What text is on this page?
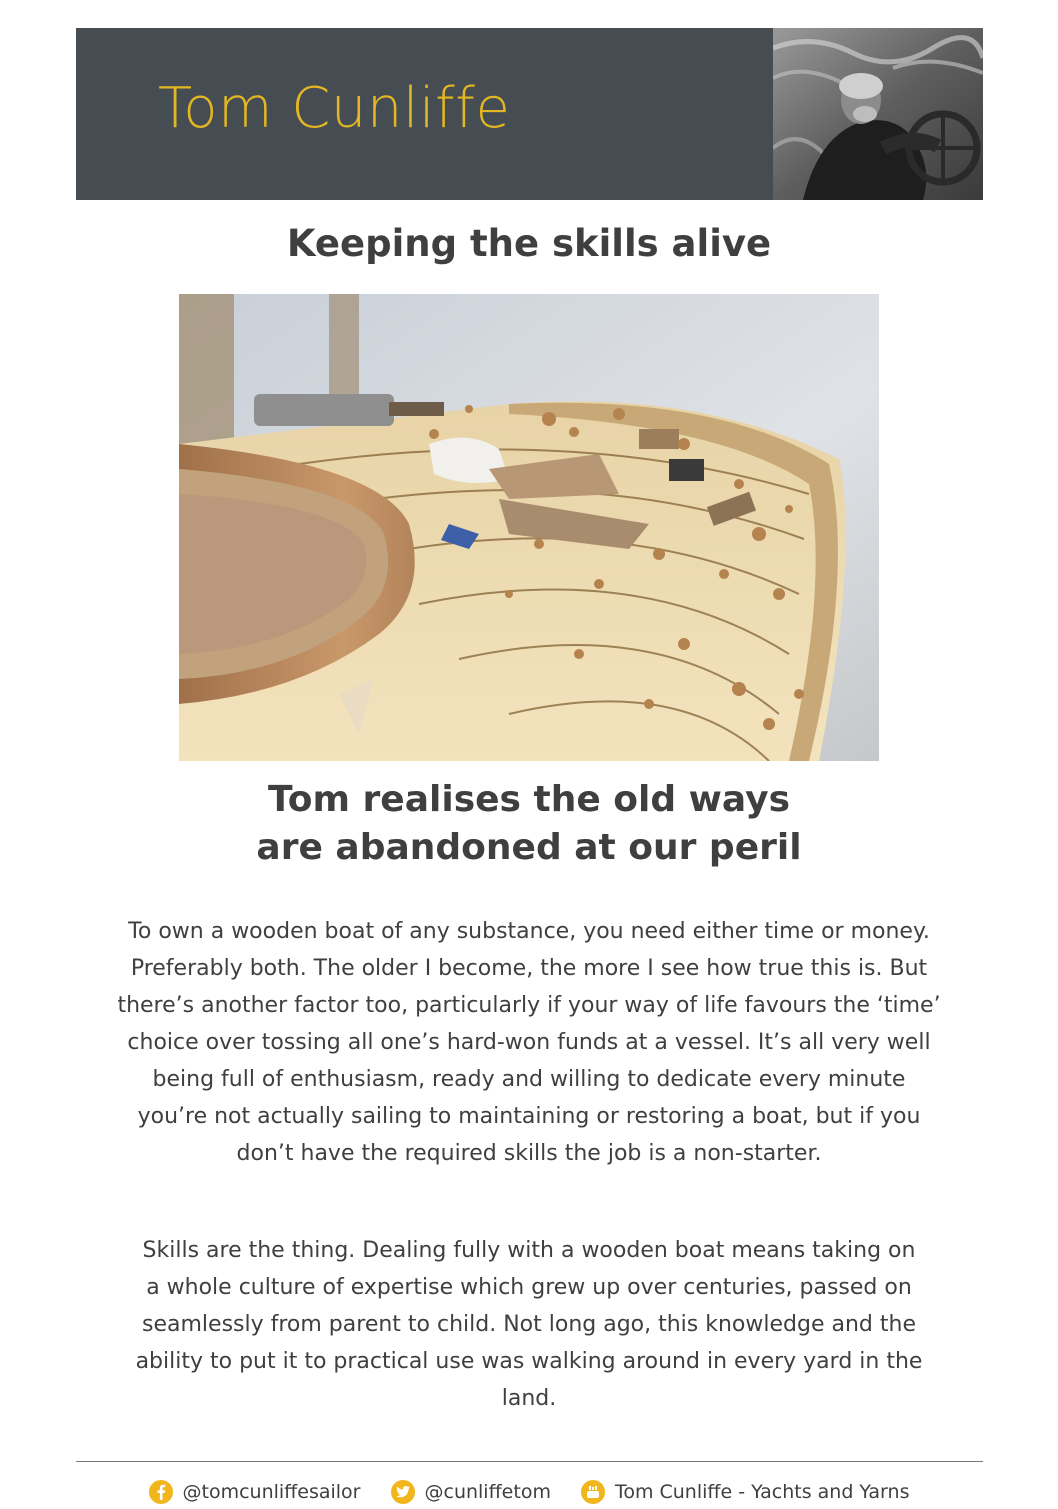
Tom Cunliffe
Keeping the skills alive
Tom realises the old ways
are abandoned at our peril
To own a wooden boat of any substance, you need either time or money.
Preferably both. The older I become, the more I see how true this is. But
there’s another factor too, particularly if your way of life favours the ‘time’
choice over tossing all one’s hard-won funds at a vessel. It’s all very well
being full of enthusiasm, ready and willing to dedicate every minute
you’re not actually sailing to maintaining or restoring a boat, but if you
don’t have the required skills the job is a non-starter.
Skills are the thing. Dealing fully with a wooden boat means taking on
a whole culture of expertise which grew up over centuries, passed on
seamlessly from parent to child. Not long ago, this knowledge and the
ability to put it to practical use was walking around in every yard in the
land.
@tomcunliffesailor	@cunliffetom	Tom Cunliffe - Yachts and Yarns
